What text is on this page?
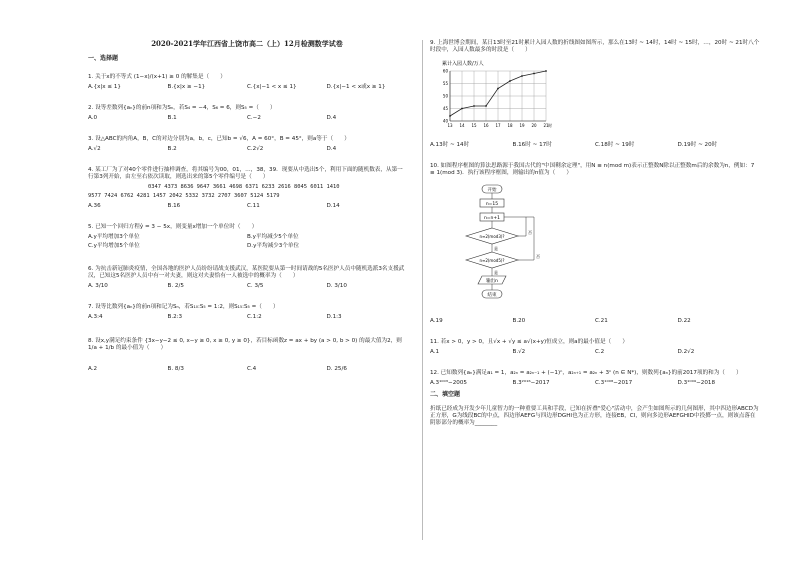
2020-2021学年江西省上饶市高二（上）12月检测数学试卷
一、选择题
1. 关于x的不等式 (1−x)/(x+1) ≥ 0 的解集是（　　）
A.{x|x ≤ 1}	B.{x|x ≥ −1}	C.{x|−1 < x ≤ 1}	D.{x|−1 < x或x ≥ 1}
2. 设等差数列{aₙ}的前n项和为Sₙ，若S₄ = −4，S₆ = 6，则S₅ =（　　）
A.0	B.1	C.−2	D.4
3. 设△ABC的内角A，B，C的对边分别为a，b，c，已知b = √6，A = 60°，B = 45°，则a等于（　　）
A.√2	B.2	C.2√2	D.4
4. 某工厂为了对40个零件进行抽样调查，将其编号为00，01，…，38，39．现要从中选出5个，利用下面的随机数表，从第一行第3列开始，由左至右依次读取，则选出来的第5个零件编号是（　　）
0347 4373 8636 9647 3661 4698 6371 6233 2616 8045 6011 1410
9577 7424 6762 4281 1457 2042 5332 3732 2707 3607 5124 5179
A.36	B.16	C.11	D.14
5. 已知一个回归方程ŷ = 3 − 5x，则变量x增加一个单位时（　　）
A.y平均增加3个单位	B.y平均减少5个单位
C.y平均增加5个单位	D.y平均减少3个单位
6. 为抗击新冠肺炎疫情，全国各地的医护人员纷纷请战支援武汉，某医院要从第一时间请战的5名医护人员中随机选派3名支援武汉，已知这5名医护人员中有一对夫妻，则这对夫妻恰有一人被选中的概率为（　　）
A. 3/10	B. 2/5	C. 3/5	D. 3/10
7. 设等比数列{aₙ}的前n项和记为Sₙ，若S₁₀:S₅ = 1:2，则S₁₅:S₅ =（　　）
A.3:4	B.2:3	C.1:2	D.1:3
8. 设x,y满足约束条件 {3x−y−2 ≤ 0, x−y ≥ 0, x ≥ 0, y ≥ 0}，若目标函数z = ax + by (a > 0, b > 0) 的最大值为2，则 1/a + 1/b 的最小值为（　　）
A.2	B. 8/3	C.4	D. 25/6
9. 上海世博会期间，某日13时至21时累计入园人数的折线图如图所示，那么在13时 ~ 14时，14时 ~ 15时，…，20时 ~ 21时八个时段中，入园人数最多的时段是（　　）
累计入园人数/万人
40
45
50
55
60
13 14 15 16 17 18 19 20 21 时
A.13时 ~ 14时	B.16时 ~ 17时	C.18时 ~ 19时	D.19时 ~ 20时
10. 如图程序框图的算法思路源于我国古代的"中国剩余定理"，用N ≡ n(mod m)表示正整数N除以正整数m后的余数为n，例如：7 ≡ 1(mod 3)．执行该程序框图，则输出的n值为（　　）
开始
n=15
n=n+1
n≡2(mod3)?
否
是
n≡2(mod5)?
否
是
输出n
结束
A.19	B.20	C.21	D.22
11. 若x > 0，y > 0，且√x + √y ≤ a√(x+y)恒成立，则a的最小值是（　　）
A.1	B.√2	C.2	D.2√2
12. 已知数列{aₙ}满足a₁ = 1，a₂ₙ = a₂ₙ₋₁ + (−1)ⁿ，a₂ₙ₊₁ = a₂ₙ + 3ⁿ (n ∈ N*)，则数列{aₙ}的前2017项的和为（　　）
A.3¹⁰⁰³−2005	B.3²⁰¹⁶−2017	C.3¹⁰⁰⁸−2017	D.3¹⁰⁰⁹−2018
二、填空题
折纸已经成为开发少年儿童智力的一种重要工具和手段，已知在折叠"爱心"活动中，会产生如图所示的几何图形，其中四边形ABCD为正方形，G为线段BC的中点，四边形AEFG与四边形DGHI也为正方形，连接EB，CI，则向多边形AEFGHID中投掷一点，则该点落在阴影部分的概率为________
